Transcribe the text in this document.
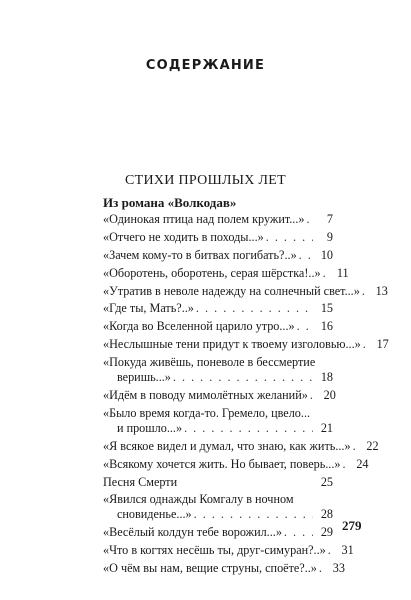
СОДЕРЖАНИЕ
СТИХИ ПРОШЛЫХ ЛЕТ
Из романа «Волкодав»
«Одинокая птица над полем кружит...» . . .	7
«Отчего не ходить в походы...» . . .	9
«Зачем кому-то в битвах погибать?..» . . .	10
«Оборотень, оборотень, серая шёрстка!..» . . .	11
«Утратив в неволе надежду на солнечный свет...» . . .	13
«Где ты, Мать?..» . . .	15
«Когда во Вселенной царило утро...» . . .	16
«Неслышные тени придут к твоему изголовью...» . . .	17
«Покуда живёшь, поневоле в бессмертие
веришь...» . . .	18
«Идём в поводу мимолётных желаний» . . .	20
«Было время когда-то. Гремело, цвело...
и прошло...» . . .	21
«Я всякое видел и думал, что знаю, как жить...» . . .	22
«Всякому хочется жить. Но бывает, поверь...» . . .	24
Песня Смерти	25
«Явился однажды Комгалу в ночном
сновиденье...» . . .	28
«Весёлый колдун тебе ворожил...» . . .	29
«Что в когтях несёшь ты, друг-симуран?..» . . .	31
«О чём вы нам, вещие струны, споёте?..» . . .	33
279
